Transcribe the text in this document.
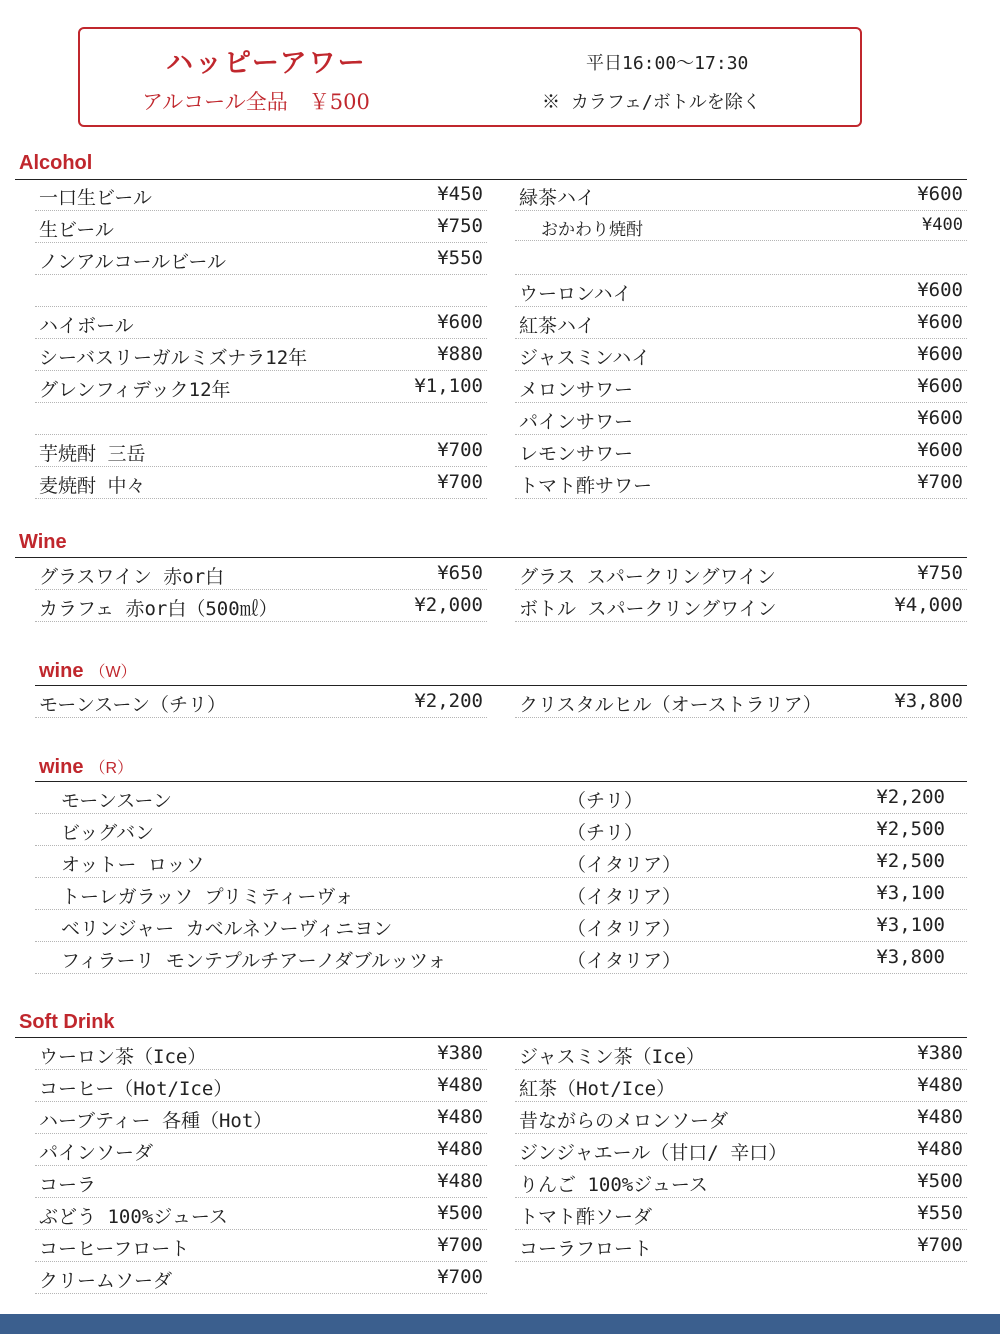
ハッピーアワー
アルコール全品　￥500
平日16:00～17:30
※ カラフェ/ボトルを除く
Alcohol
Wine
wine （W）
wine （R）
Soft Drink
一口生ビール	¥450
生ビール	¥750
ノンアルコールビール	¥550
ハイボール	¥600
シーバスリーガルミズナラ12年	¥880
グレンフィデック12年	¥1,100
芋焼酎 三岳	¥700
麦焼酎 中々	¥700
緑茶ハイ	¥600
おかわり焼酎	¥400
ウーロンハイ	¥600
紅茶ハイ	¥600
ジャスミンハイ	¥600
メロンサワー	¥600
パインサワー	¥600
レモンサワー	¥600
トマト酢サワー	¥700
グラスワイン 赤or白	¥650
カラフェ 赤or白（500㎖）	¥2,000
グラス スパークリングワイン	¥750
ボトル スパークリングワイン	¥4,000
モーンスーン（チリ）	¥2,200 クリスタルヒル（オーストラリア）	¥3,800
モーンスーン	（チリ）	¥2,200
ビッグバン	（チリ）	¥2,500
オットー ロッソ	（イタリア）	¥2,500
トーレガラッソ プリミティーヴォ	（イタリア）	¥3,100
ベリンジャー カベルネソーヴィニヨン	（イタリア）	¥3,100
フィラーリ モンテプルチアーノダブルッツォ	（イタリア）	¥3,800
ウーロン茶（Ice）	¥380
コーヒー（Hot/Ice）	¥480
ハーブティー 各種（Hot）	¥480
パインソーダ	¥480
コーラ	¥480
ぶどう 100%ジュース	¥500
コーヒーフロート	¥700
クリームソーダ	¥700
ジャスミン茶（Ice）	¥380
紅茶（Hot/Ice）	¥480
昔ながらのメロンソーダ	¥480
ジンジャエール（甘口/ 辛口）	¥480
りんご 100%ジュース	¥500
トマト酢ソーダ	¥550
コーラフロート	¥700
